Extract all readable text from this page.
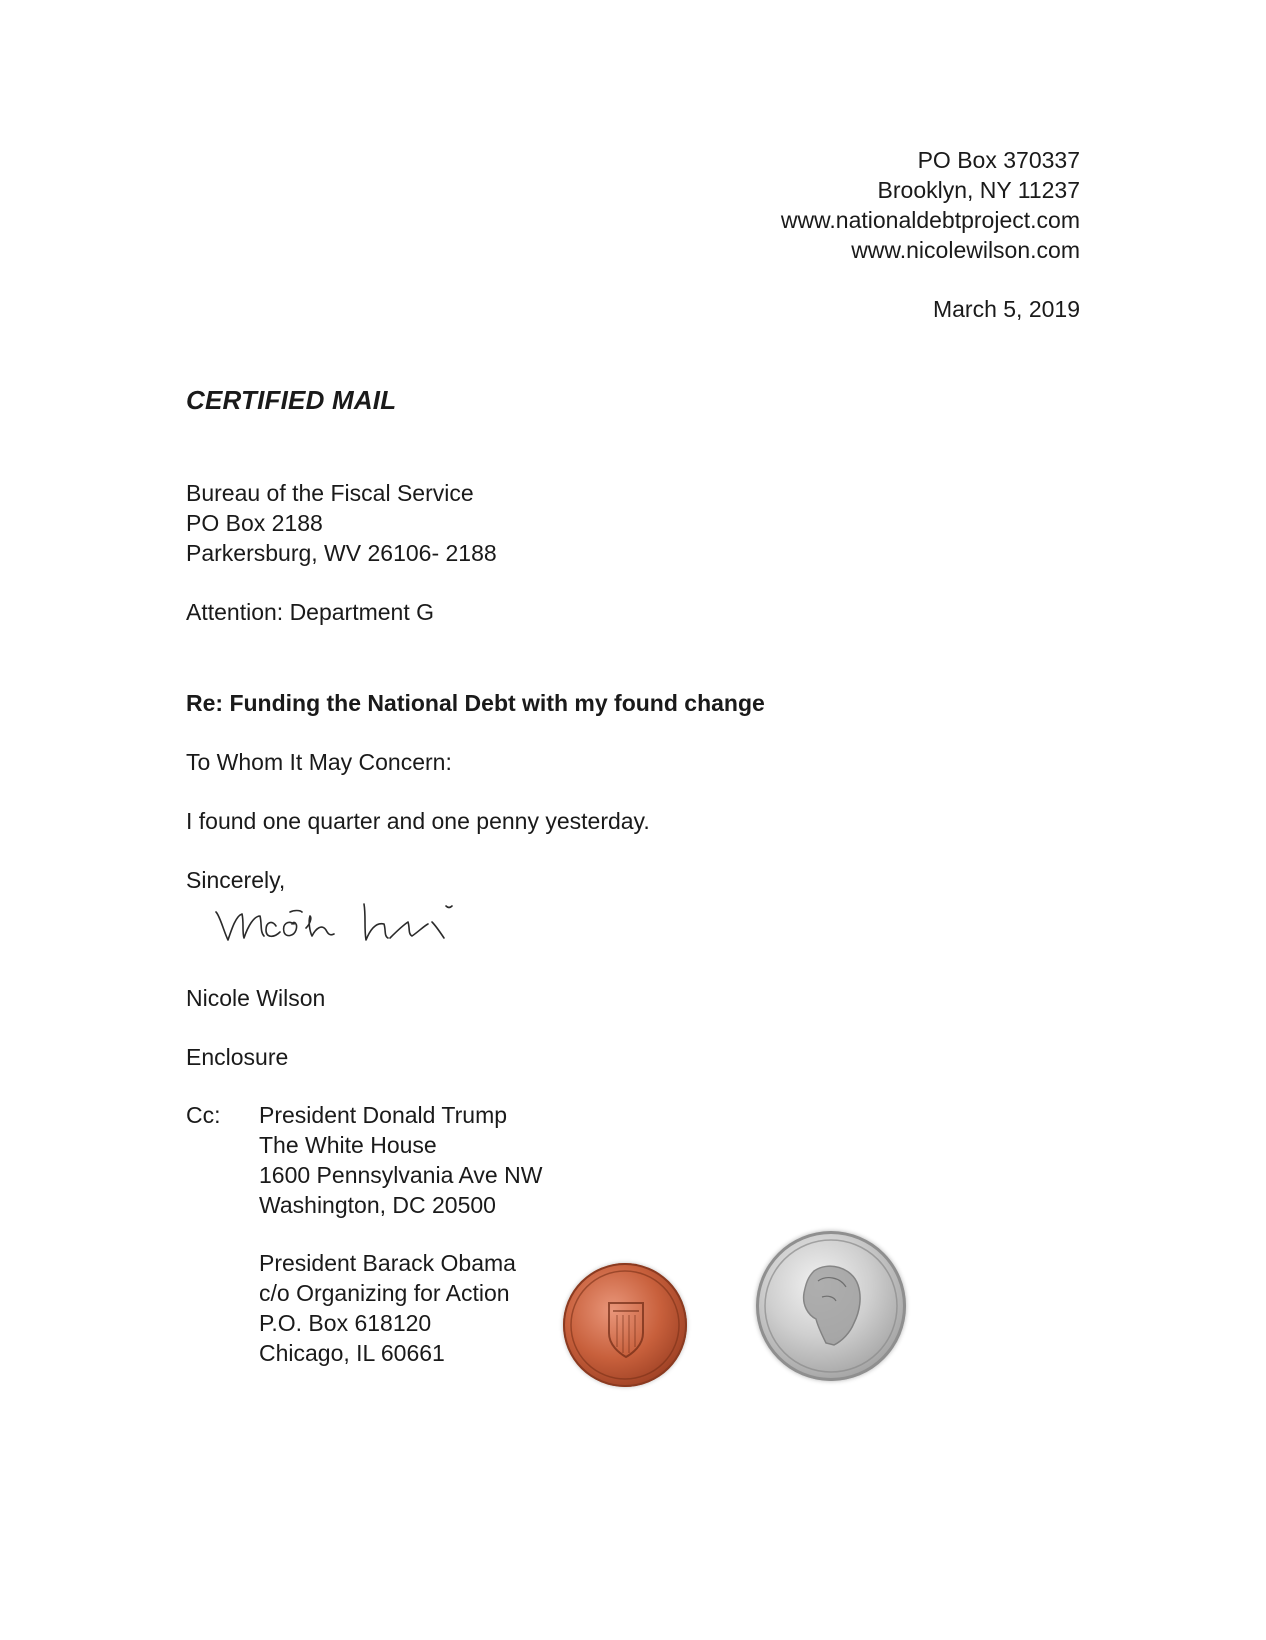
PO Box 370337
Brooklyn, NY 11237
www.nationaldebtproject.com
www.nicolewilson.com
March 5, 2019
CERTIFIED MAIL
Bureau of the Fiscal Service
PO Box 2188
Parkersburg, WV 26106- 2188
Attention: Department G
Re: Funding the National Debt with my found change
To Whom It May Concern:
I found one quarter and one penny yesterday.
Sincerely,
Nicole Wilson
Enclosure
Cc: President Donald Trump
The White House
1600 Pennsylvania Ave NW
Washington, DC 20500
President Barack Obama
c/o Organizing for Action
P.O. Box 618120
Chicago, IL 60661
